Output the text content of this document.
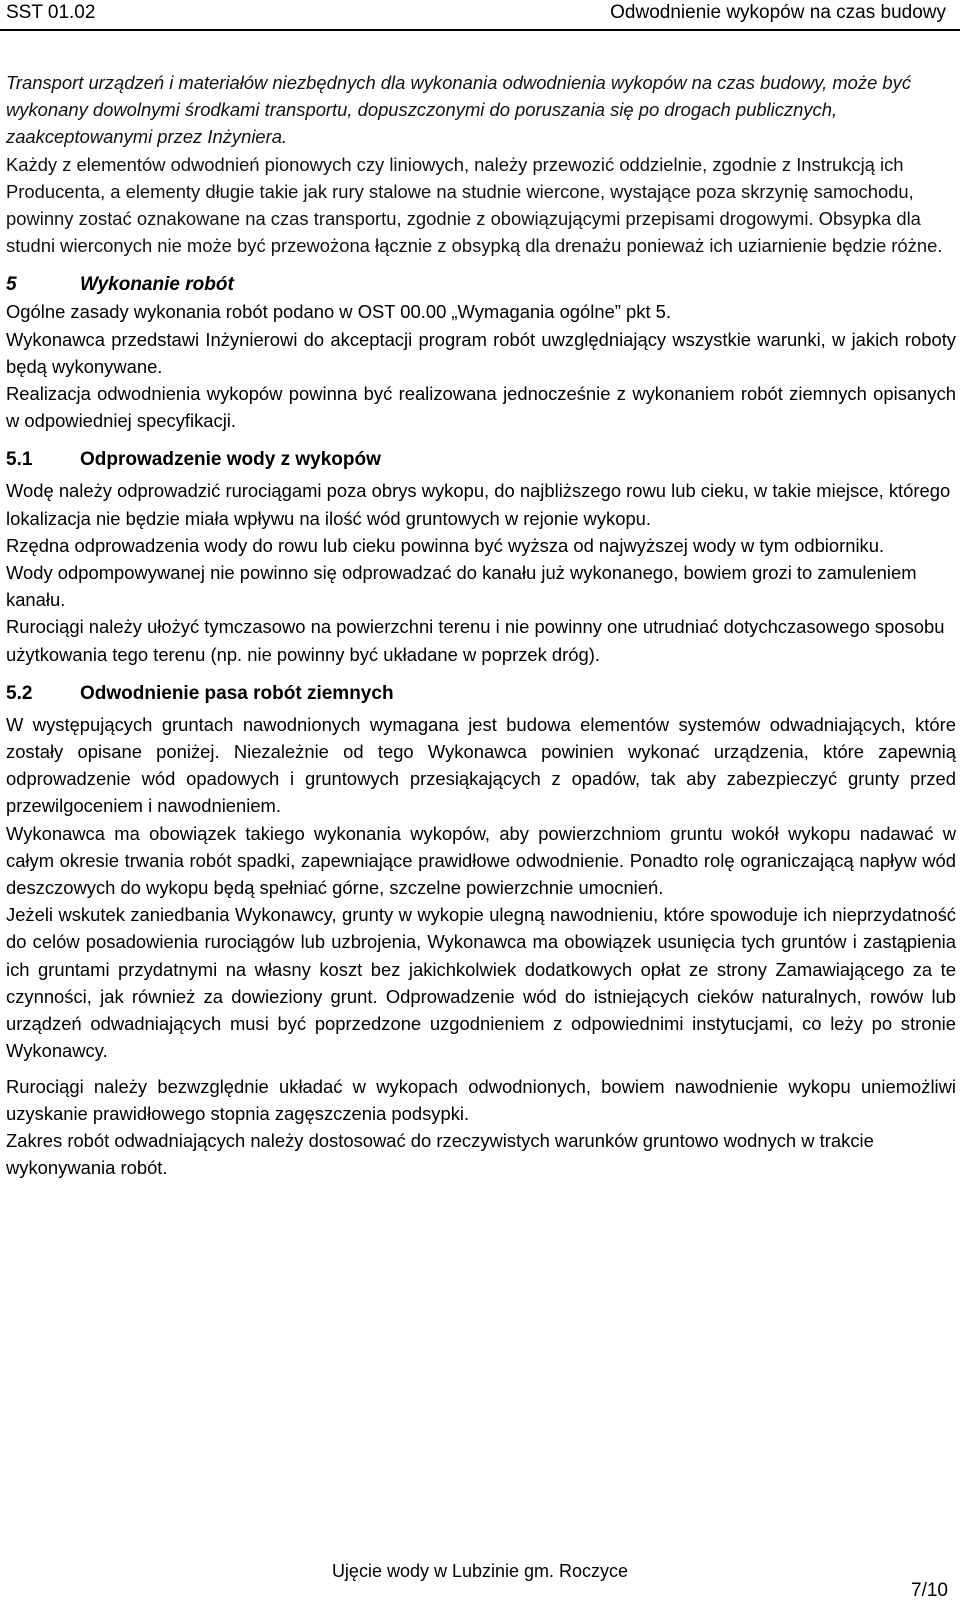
SST 01.02	Odwodnienie wykopów na czas budowy

Transport urządzeń i materiałów niezbędnych dla wykonania odwodnienia wykopów na czas budowy, może być wykonany dowolnymi środkami transportu, dopuszczonymi do poruszania się po drogach publicznych, zaakceptowanymi przez Inżyniera.

Każdy z elementów odwodnień pionowych czy liniowych, należy przewozić oddzielnie, zgodnie z Instrukcją ich Producenta, a elementy długie takie jak rury stalowe na studnie wiercone, wystające poza skrzynię samochodu, powinny zostać oznakowane na czas transportu, zgodnie z obowiązującymi przepisami drogowymi. Obsypka dla studni wierconych nie może być przewożona łącznie z obsypką dla drenażu ponieważ ich uziarnienie będzie różne.

5	Wykonanie robót

Ogólne zasady wykonania robót podano w OST 00.00 „Wymagania ogólne” pkt 5.

Wykonawca przedstawi Inżynierowi do akceptacji program robót uwzględniający wszystkie warunki, w jakich roboty będą wykonywane.

Realizacja odwodnienia wykopów powinna być realizowana jednocześnie z wykonaniem robót ziemnych opisanych w odpowiedniej specyfikacji.

5.1	Odprowadzenie wody z wykopów

Wodę należy odprowadzić rurociągami poza obrys wykopu, do najbliższego rowu lub cieku, w takie miejsce, którego lokalizacja nie będzie miała wpływu na ilość wód gruntowych w rejonie wykopu.

Rzędna odprowadzenia wody do rowu lub cieku powinna być wyższa od najwyższej wody w tym odbiorniku.

Wody odpompowywanej nie powinno się odprowadzać do kanału już wykonanego, bowiem grozi to zamuleniem kanału.

Rurociągi należy ułożyć tymczasowo na powierzchni terenu i nie powinny one utrudniać dotychczasowego sposobu użytkowania tego terenu (np. nie powinny być układane w poprzek dróg).

5.2	Odwodnienie pasa robót ziemnych

W występujących gruntach nawodnionych wymagana jest budowa elementów systemów odwadniających, które zostały opisane poniżej. Niezależnie od tego Wykonawca powinien wykonać urządzenia, które zapewnią odprowadzenie wód opadowych i gruntowych przesiąkających z opadów, tak aby zabezpieczyć grunty przed przewilgoceniem i nawodnieniem.

Wykonawca ma obowiązek takiego wykonania wykopów, aby powierzchniom gruntu wokół wykopu nadawać w całym okresie trwania robót spadki, zapewniające prawidłowe odwodnienie. Ponadto rolę ograniczającą napływ wód deszczowych do wykopu będą spełniać górne, szczelne powierzchnie umocnień.

Jeżeli wskutek zaniedbania Wykonawcy, grunty w wykopie ulegną nawodnieniu, które spowoduje ich nieprzydatność do celów posadowienia rurociągów lub uzbrojenia, Wykonawca ma obowiązek usunięcia tych gruntów i zastąpienia ich gruntami przydatnymi na własny koszt bez jakichkolwiek dodatkowych opłat ze strony Zamawiającego za te czynności, jak również za dowieziony grunt. Odprowadzenie wód do istniejących cieków naturalnych, rowów lub urządzeń odwadniających musi być poprzedzone uzgodnieniem z odpowiednimi instytucjami, co leży po stronie Wykonawcy.

Rurociągi należy bezwzględnie układać w wykopach odwodnionych, bowiem nawodnienie wykopu uniemożliwi uzyskanie prawidłowego stopnia zagęszczenia podsypki.

Zakres robót odwadniających należy dostosować do rzeczywistych warunków gruntowo wodnych w trakcie wykonywania robót.

Ujęcie wody w Lubzinie gm. Roczyce
7/10
